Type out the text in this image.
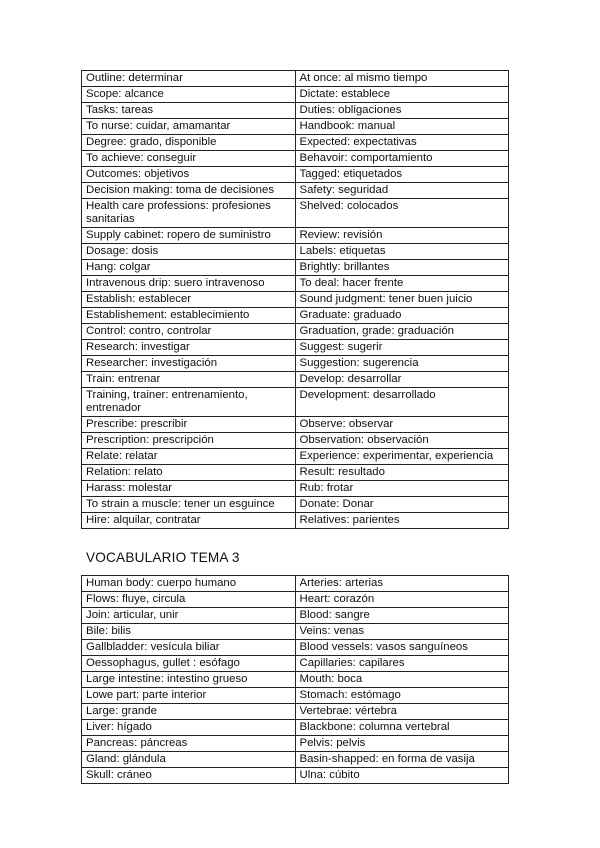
Outline: determinar	At once: al mismo tiempo
Scope: alcance	Dictate: establece
Tasks: tareas	Duties: obligaciones
To nurse: cuidar, amamantar	Handbook: manual
Degree: grado, disponible	Expected: expectativas
To achieve: conseguir	Behavoir: comportamiento
Outcomes: objetivos	Tagged: etiquetados
Decision making: toma de decisiones	Safety: seguridad
Health care professions: profesiones sanitarias	Shelved: colocados
Supply cabinet: ropero de suministro	Review: revisión
Dosage: dosis	Labels: etiquetas
Hang: colgar	Brightly: brillantes
Intravenous drip: suero intravenoso	To deal: hacer frente
Establish: establecer	Sound judgment: tener buen juicio
Establishement: establecimiento	Graduate: graduado
Control: contro, controlar	Graduation, grade: graduación
Research: investigar	Suggest: sugerir
Researcher: investigación	Suggestion: sugerencia
Train: entrenar	Develop: desarrollar
Training, trainer: entrenamiento, entrenador	Development: desarrollado
Prescribe: prescribir	Observe: observar
Prescription: prescripción	Observation: observación
Relate: relatar	Experience: experimentar, experiencia
Relation: relato	Result: resultado
Harass: molestar	Rub: frotar
To strain a muscle: tener un esguince	Donate: Donar
Hire: alquilar, contratar	Relatives: parientes
VOCABULARIO TEMA 3
Human body: cuerpo humano	Arteries: arterias
Flows: fluye, circula	Heart: corazón
Join: articular, unir	Blood: sangre
Bile: bilis	Veins: venas
Gallbladder: vesícula biliar	Blood vessels: vasos sanguíneos
Oessophagus, gullet : esófago	Capillaries: capilares
Large intestine: intestino grueso	Mouth: boca
Lowe part: parte interior	Stomach: estómago
Large: grande	Vertebrae: vértebra
Liver: hígado	Blackbone: columna vertebral
Pancreas: páncreas	Pelvis: pelvis
Gland: glándula	Basin-shapped: en forma de vasija
Skull: cráneo	Ulna: cúbito
